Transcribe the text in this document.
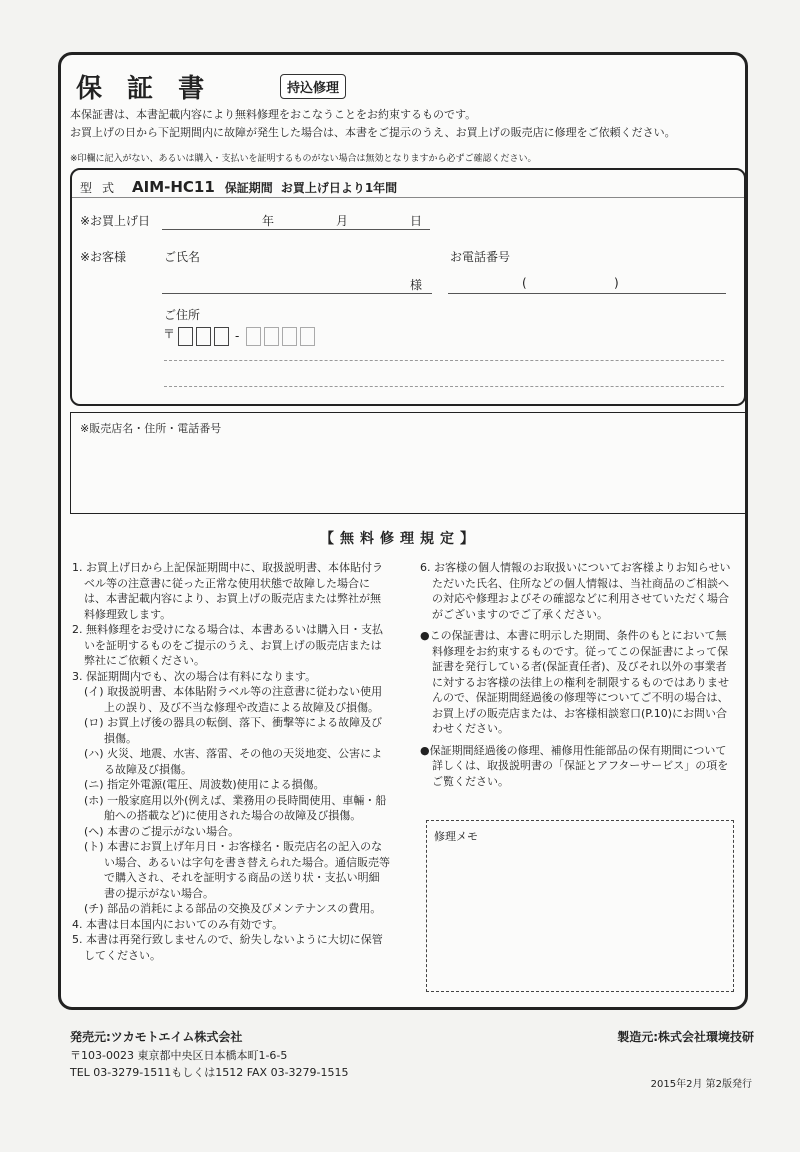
保 証 書	持込修理
本保証書は、本書記載内容により無料修理をおこなうことをお約束するものです。
お買上げの日から下記期間内に故障が発生した場合は、本書をご提示のうえ、お買上げの販売店に修理をご依頼ください。
※印欄に記入がない、あるいは購入・支払いを証明するものがない場合は無効となりますから必ずご確認ください。
型式 AIM-HC11 保証期間 お買上げ日より1年間
※お買上げ日	年	月	日
※お客様	ご氏名
様
お電話番号
(	)
ご住所
〒	-
※販売店名・住所・電話番号
【無料修理規定】

1. お買上げ日から上記保証期間中に、取扱説明書、本体貼付ラベル等の注意書に従った正常な使用状態で故障した場合には、本書記載内容により、お買上げの販売店または弊社が無料修理致します。

2. 無料修理をお受けになる場合は、本書あるいは購入日・支払いを証明するものをご提示のうえ、お買上げの販売店または弊社にご依頼ください。

3. 保証期間内でも、次の場合は有料になります。

(イ) 取扱説明書、本体貼附ラベル等の注意書に従わない使用上の誤り、及び不当な修理や改造による故障及び損傷。

(ロ) お買上げ後の器具の転倒、落下、衝撃等による故障及び損傷。

(ハ) 火災、地震、水害、落雷、その他の天災地変、公害による故障及び損傷。

(ニ) 指定外電源(電圧、周波数)使用による損傷。

(ホ) 一般家庭用以外(例えば、業務用の長時間使用、車輛・船舶への搭載など)に使用された場合の故障及び損傷。

(ヘ) 本書のご提示がない場合。

(ト) 本書にお買上げ年月日・お客様名・販売店名の記入のない場合、あるいは字句を書き替えられた場合。通信販売等で購入され、それを証明する商品の送り状・支払い明細書の提示がない場合。

(チ) 部品の消耗による部品の交換及びメンテナンスの費用。

4. 本書は日本国内においてのみ有効です。

5. 本書は再発行致しませんので、紛失しないように大切に保管してください。

6. お客様の個人情報のお取扱いについてお客様よりお知らせいただいた氏名、住所などの個人情報は、当社商品のご相談への対応や修理およびその確認などに利用させていただく場合がございますのでご了承ください。

●この保証書は、本書に明示した期間、条件のもとにおいて無料修理をお約束するものです。従ってこの保証書によって保証書を発行している者(保証責任者)、及びそれ以外の事業者に対するお客様の法律上の権利を制限するものではありませんので、保証期間経過後の修理等についてご不明の場合は、お買上げの販売店または、お客様相談窓口(P.10)にお問い合わせください。

●保証期間経過後の修理、補修用性能部品の保有期間について詳しくは、取扱説明書の「保証とアフターサービス」の項をご覧ください。

修理メモ
発売元:ツカモトエイム株式会社
〒103-0023 東京都中央区日本橋本町1-6-5
TEL 03-3279-1511もしくは1512 FAX 03-3279-1515
製造元:株式会社環境技研
2015年2月 第2版発行
